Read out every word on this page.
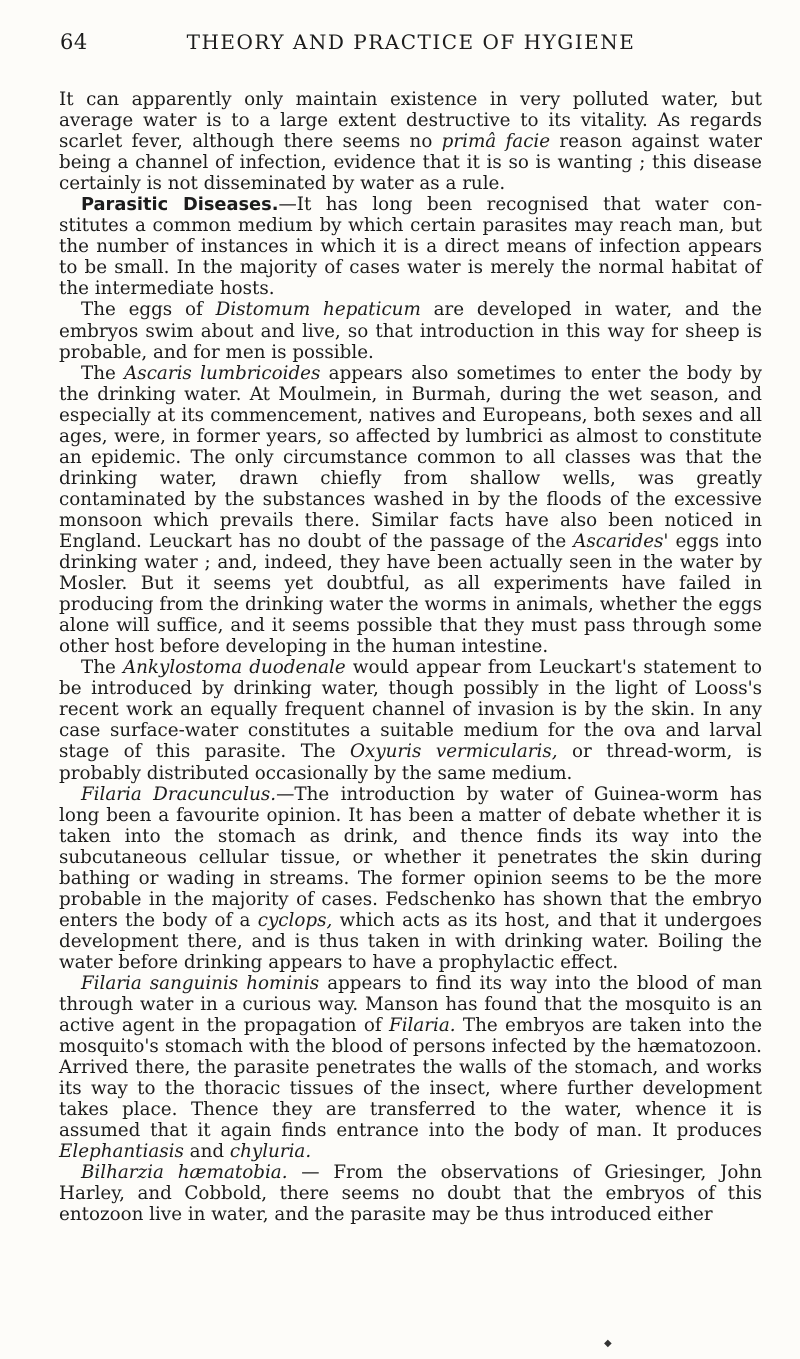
64	THEORY AND PRACTICE OF HYGIENE

It can apparently only maintain existence in very polluted water, but average water is to a large extent destructive to its vitality. As regards scarlet fever, although there seems no primâ facie reason against water being a channel of infection, evidence that it is so is wanting ; this disease certainly is not disseminated by water as a rule.

Parasitic Diseases.—It has long been recognised that water con- stitutes a common medium by which certain parasites may reach man, but the number of instances in which it is a direct means of infection appears to be small. In the majority of cases water is merely the normal habitat of the intermediate hosts.

The eggs of Distomum hepaticum are developed in water, and the embryos swim about and live, so that introduction in this way for sheep is probable, and for men is possible.

The Ascaris lumbricoides appears also sometimes to enter the body by the drinking water. At Moulmein, in Burmah, during the wet season, and especially at its commencement, natives and Europeans, both sexes and all ages, were, in former years, so affected by lumbrici as almost to constitute an epidemic. The only circumstance common to all classes was that the drinking water, drawn chiefly from shallow wells, was greatly contaminated by the substances washed in by the floods of the excessive monsoon which prevails there. Similar facts have also been noticed in England. Leuckart has no doubt of the passage of the Ascarides' eggs into drinking water ; and, indeed, they have been actually seen in the water by Mosler. But it seems yet doubtful, as all experiments have failed in producing from the drinking water the worms in animals, whether the eggs alone will suffice, and it seems possible that they must pass through some other host before developing in the human intestine.

The Ankylostoma duodenale would appear from Leuckart's statement to be introduced by drinking water, though possibly in the light of Looss's recent work an equally frequent channel of invasion is by the skin. In any case surface-water constitutes a suitable medium for the ova and larval stage of this parasite. The Oxyuris vermicularis, or thread-worm, is probably distributed occasionally by the same medium.

Filaria Dracunculus.—The introduction by water of Guinea-worm has long been a favourite opinion. It has been a matter of debate whether it is taken into the stomach as drink, and thence finds its way into the subcutaneous cellular tissue, or whether it penetrates the skin during bathing or wading in streams. The former opinion seems to be the more probable in the majority of cases. Fedschenko has shown that the embryo enters the body of a cyclops, which acts as its host, and that it undergoes development there, and is thus taken in with drinking water. Boiling the water before drinking appears to have a prophylactic effect.

Filaria sanguinis hominis appears to find its way into the blood of man through water in a curious way. Manson has found that the mosquito is an active agent in the propagation of Filaria. The embryos are taken into the mosquito's stomach with the blood of persons infected by the hæmatozoon. Arrived there, the parasite penetrates the walls of the stomach, and works its way to the thoracic tissues of the insect, where further development takes place. Thence they are transferred to the water, whence it is assumed that it again finds entrance into the body of man. It produces Elephantiasis and chyluria.

Bilharzia hæmatobia. — From the observations of Griesinger, John Harley, and Cobbold, there seems no doubt that the embryos of this entozoon live in water, and the parasite may be thus introduced either

◆
